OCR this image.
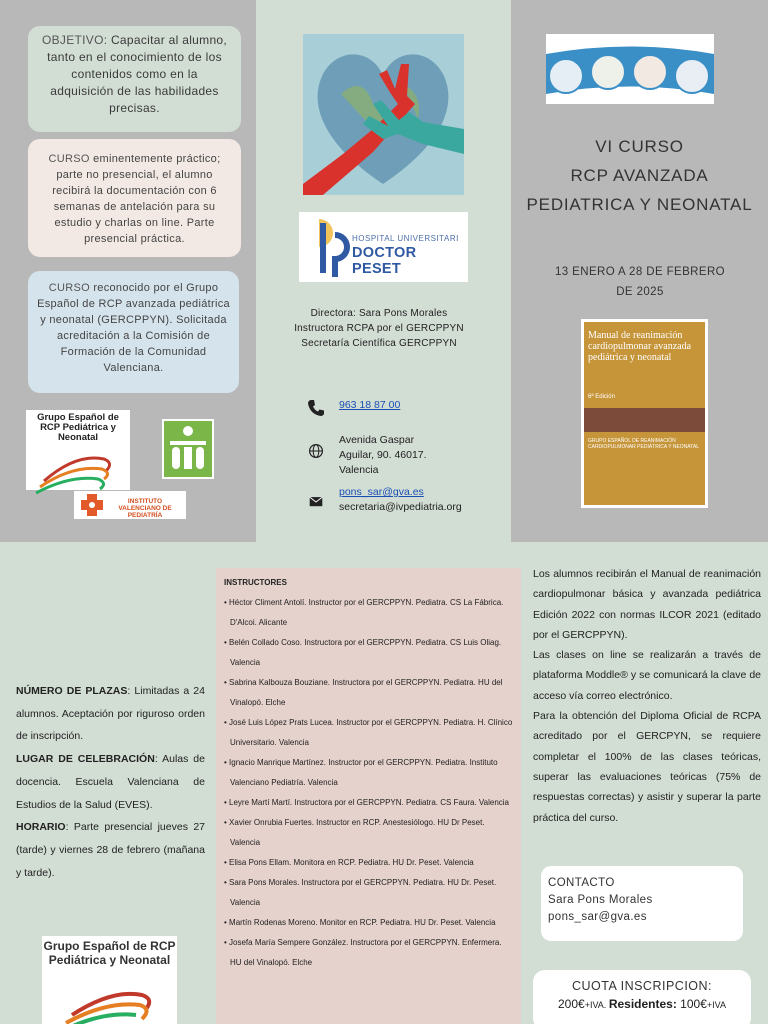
OBJETIVO: Capacitar al alumno, tanto en el conocimiento de los contenidos como en la adquisición de las habilidades precisas.
CURSO eminentemente práctico; parte no presencial, el alumno recibirá la documentación con 6 semanas de antelación para su estudio y charlas on line. Parte presencial práctica.
CURSO reconocido por el Grupo Español de RCP avanzada pediátrica y neonatal (GERCPPYN). Solicitada acreditación a la Comisión de Formación de la Comunidad Valenciana.
Grupo Español de RCP Pediátrica y Neonatal
INSTITUTO VALENCIANO DE PEDIATRÍA
HOSPITAL UNIVERSITARI
DOCTOR PESET
Directora: Sara Pons Morales
Instructora RCPA por el GERCPPYN
Secretaría Científica GERCPPYN
963 18 87 00
Avenida Gaspar Aguilar, 90. 46017. Valencia
pons_sar@gva.es
secretaria@ivpediatria.org
VI CURSO
RCP AVANZADA
PEDIATRICA Y NEONATAL
13 ENERO A 28 DE FEBRERO
DE 2025
Manual de reanimación cardiopulmonar avanzada pediátrica y neonatal
6ª Edición
GRUPO ESPAÑOL DE REANIMACIÓN CARDIOPULMONAR PEDIÁTRICA Y NEONATAL
NÚMERO DE PLAZAS: Limitadas a 24 alumnos. Aceptación por riguroso orden de inscripción.
LUGAR DE CELEBRACIÓN: Aulas de docencia. Escuela Valenciana de Estudios de la Salud (EVES).
HORARIO: Parte presencial jueves 27 (tarde) y viernes 28 de febrero (mañana y tarde).
Grupo Español de RCP Pediátrica y Neonatal
INSTRUCTORES
• Héctor Climent Antolí. Instructor por el GERCPPYN. Pediatra. CS La Fábrica. D'Alcoi. Alicante
• Belén Collado Coso. Instructora por el GERCPPYN. Pediatra. CS Luis Oliag. Valencia
• Sabrina Kalbouza Bouziane. Instructora por el GERCPPYN. Pediatra. HU del Vinalopó. Elche
• José Luis López Prats Lucea. Instructor por el GERCPPYN. Pediatra. H. Clínico Universitario. Valencia
• Ignacio Manrique Martínez. Instructor por el GERCPPYN. Pediatra. Instituto Valenciano Pediatría. Valencia
• Leyre Martí Martí. Instructora por el GERCPPYN. Pediatra. CS Faura. Valencia
• Xavier Onrubia Fuertes. Instructor en RCP. Anestesiólogo. HU Dr Peset. Valencia
• Elisa Pons Ellam. Monitora en RCP. Pediatra. HU Dr. Peset. Valencia
• Sara Pons Morales. Instructora por el GERCPPYN. Pediatra. HU Dr. Peset. Valencia
• Martín Rodenas Moreno. Monitor en RCP. Pediatra. HU Dr. Peset. Valencia
• Josefa María Sempere González. Instructora por el GERCPPYN. Enfermera. HU del Vinalopó. Elche
Los alumnos recibirán el Manual de reanimación cardiopulmonar básica y avanzada pediátrica Edición 2022 con normas ILCOR 2021 (editado por el GERCPPYN).
Las clases on line se realizarán a través de plataforma Moddle® y se comunicará la clave de acceso vía correo electrónico.
Para la obtención del Diploma Oficial de RCPA acreditado por el GERCPYN, se requiere completar el 100% de las clases teóricas, superar las evaluaciones teóricas (75% de respuestas correctas) y asistir y superar la parte práctica del curso.
CONTACTO
Sara Pons Morales
pons_sar@gva.es
CUOTA INSCRIPCION:
200€+IVA. Residentes: 100€+IVA
